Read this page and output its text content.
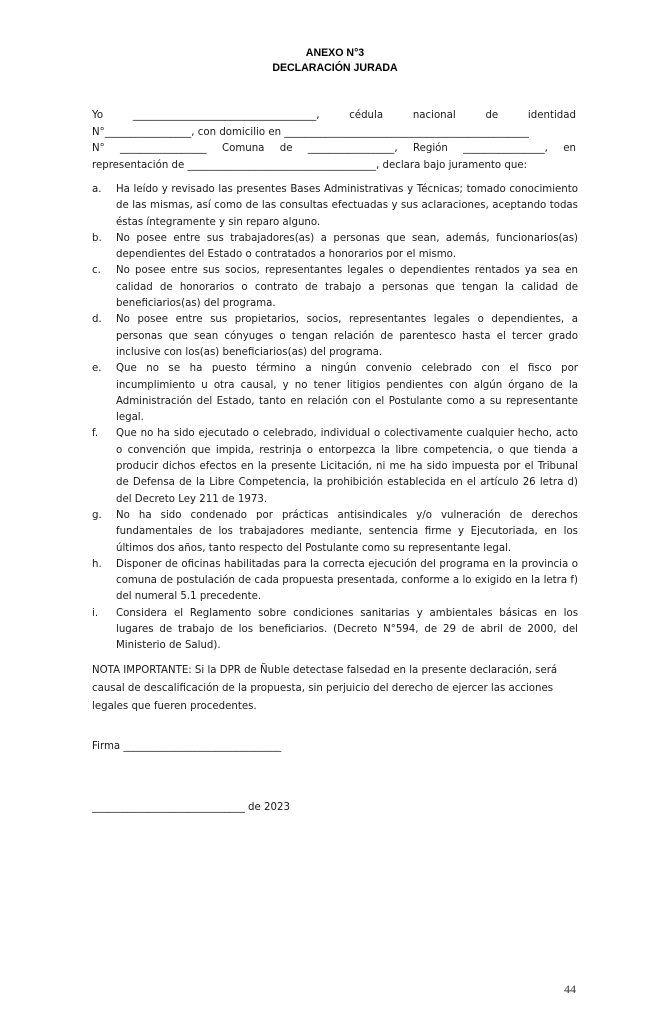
ANEXO N°3
DECLARACIÓN JURADA
Yo	____________________________________,	cédula	nacional	de	identidad
N°_________________, con domicilio en ________________________________________________
N° _________________ Comuna de _________________, Región ________________, en
representación de _____________________________________, declara bajo juramento que:
a.	Ha leído y revisado las presentes Bases Administrativas y Técnicas; tomado conocimiento de las mismas, así como de las consultas efectuadas y sus aclaraciones, aceptando todas éstas íntegramente y sin reparo alguno.
b.	No posee entre sus trabajadores(as) a personas que sean, además, funcionarios(as) dependientes del Estado o contratados a honorarios por el mismo.
c.	No posee entre sus socios, representantes legales o dependientes rentados ya sea en calidad de honorarios o contrato de trabajo a personas que tengan la calidad de beneficiarios(as) del programa.
d.	No posee entre sus propietarios, socios, representantes legales o dependientes, a personas que sean cónyuges o tengan relación de parentesco hasta el tercer grado inclusive con los(as) beneficiarios(as) del programa.
e.	Que no se ha puesto término a ningún convenio celebrado con el fisco por incumplimiento u otra causal, y no tener litigios pendientes con algún órgano de la Administración del Estado, tanto en relación con el Postulante como a su representante legal.
f.	Que no ha sido ejecutado o celebrado, individual o colectivamente cualquier hecho, acto o convención que impida, restrinja o entorpezca la libre competencia, o que tienda a producir dichos efectos en la presente Licitación, ni me ha sido impuesta por el Tribunal de Defensa de la Libre Competencia, la prohibición establecida en el artículo 26 letra d) del Decreto Ley 211 de 1973.
g.	No ha sido condenado por prácticas antisindicales y/o vulneración de derechos fundamentales de los trabajadores mediante, sentencia firme y Ejecutoriada, en los últimos dos años, tanto respecto del Postulante como su representante legal.
h.	Disponer de oficinas habilitadas para la correcta ejecución del programa en la provincia o comuna de postulación de cada propuesta presentada, conforme a lo exigido en la letra f) del numeral 5.1 precedente.
i.	Considera el Reglamento sobre condiciones sanitarias y ambientales básicas en los lugares de trabajo de los beneficiarios. (Decreto N°594, de 29 de abril de 2000, del Ministerio de Salud).
NOTA IMPORTANTE: Si la DPR de Ñuble detectase falsedad en la presente declaración, será causal de descalificación de la propuesta, sin perjuicio del derecho de ejercer las acciones legales que fueren procedentes.
Firma _______________________________
______________________________ de 2023
44
